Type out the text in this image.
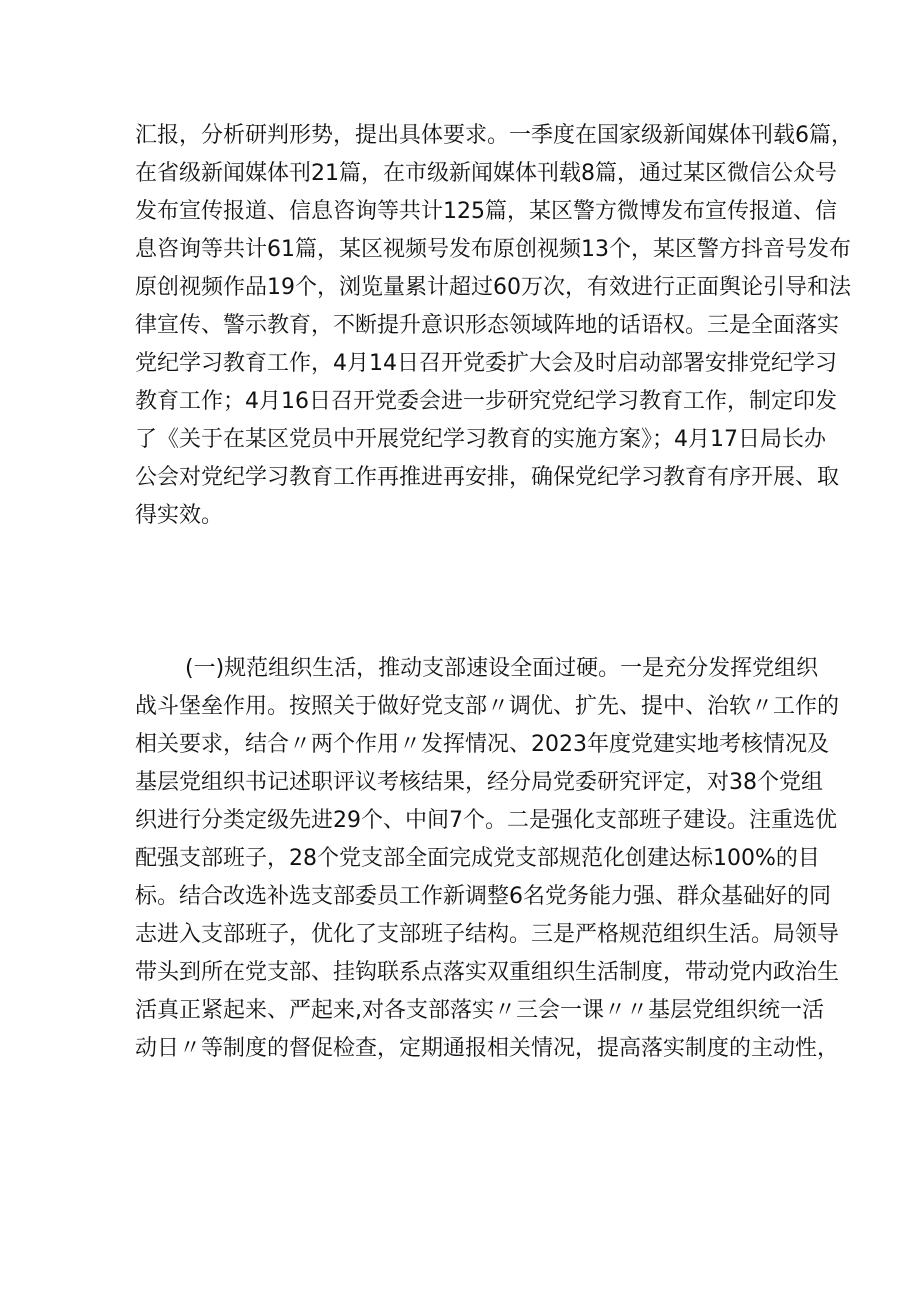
汇报，分析研判形势，提出具体要求。一季度在国家级新闻媒体刊载6篇，
在省级新闻媒体刊21篇，在市级新闻媒体刊载8篇，通过某区微信公众号
发布宣传报道、信息咨询等共计125篇，某区警方微博发布宣传报道、信
息咨询等共计61篇，某区视频号发布原创视频13个，某区警方抖音号发布
原创视频作品19个，浏览量累计超过60万次，有效进行正面舆论引导和法
律宣传、警示教育，不断提升意识形态领域阵地的话语权。三是全面落实
党纪学习教育工作，4月14日召开党委扩大会及时启动部署安排党纪学习
教育工作；4月16日召开党委会进一步研究党纪学习教育工作，制定印发
了《关于在某区党员中开展党纪学习教育的实施方案》；4月17日局长办
公会对党纪学习教育工作再推进再安排，确保党纪学习教育有序开展、取
得实效。
(一)规范组织生活，推动支部速设全面过硬。一是充分发挥党组织
战斗堡垒作用。按照关于做好党支部〃调优、扩先、提中、治软〃工作的
相关要求，结合〃两个作用〃发挥情况、2023年度党建实地考核情况及
基层党组织书记述职评议考核结果，经分局党委研究评定，对38个党组
织进行分类定级先进29个、中间7个。二是强化支部班子建设。注重选优
配强支部班子，28个党支部全面完成党支部规范化创建达标100%的目
标。结合改选补选支部委员工作新调整6名党务能力强、群众基础好的同
志进入支部班子，优化了支部班子结构。三是严格规范组织生活。局领导
带头到所在党支部、挂钩联系点落实双重组织生活制度，带动党内政治生
活真正紧起来、严起来,对各支部落实〃三会一课〃〃基层党组织统一活
动日〃等制度的督促检查，定期通报相关情况，提高落实制度的主动性，
